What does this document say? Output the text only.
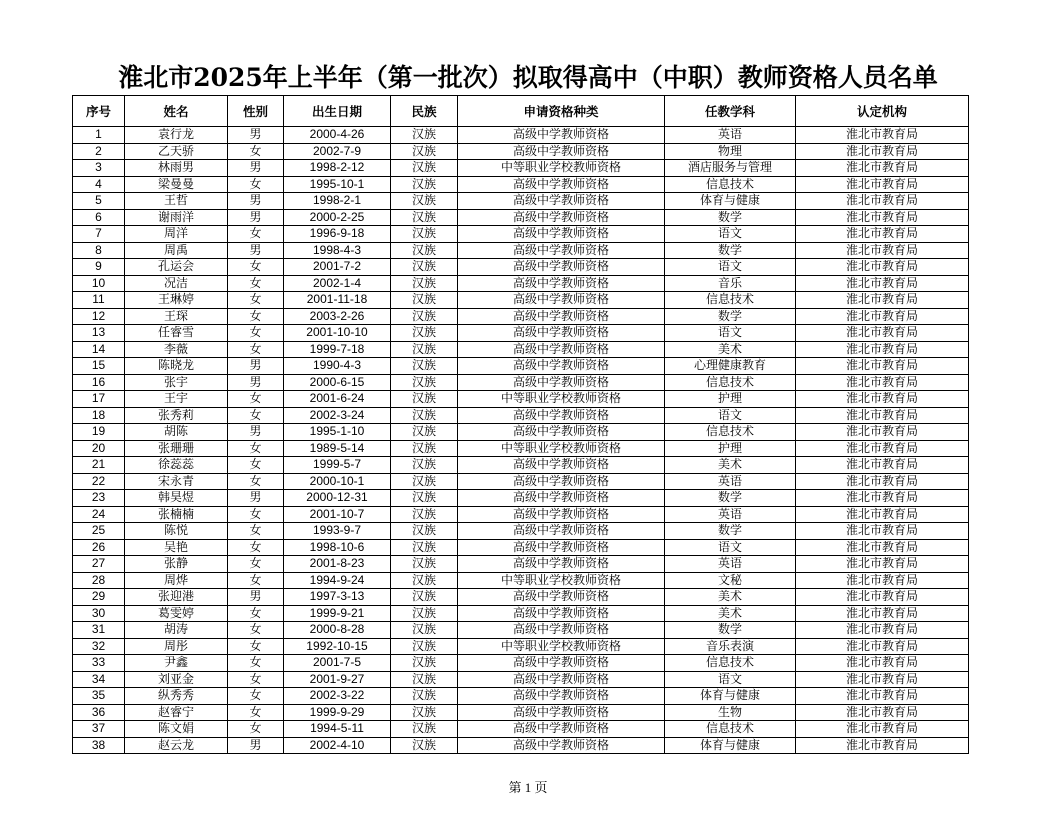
淮北市2025年上半年（第一批次）拟取得高中（中职）教师资格人员名单
序号	姓名	性别	出生日期	民族	申请资格种类	任教学科	认定机构
1	袁行龙	男	2000-4-26	汉族	高级中学教师资格	英语	淮北市教育局
2	乙天骄	女	2002-7-9	汉族	高级中学教师资格	物理	淮北市教育局
3	林雨男	男	1998-2-12	汉族	中等职业学校教师资格	酒店服务与管理	淮北市教育局
4	梁曼曼	女	1995-10-1	汉族	高级中学教师资格	信息技术	淮北市教育局
5	王哲	男	1998-2-1	汉族	高级中学教师资格	体育与健康	淮北市教育局
6	谢雨洋	男	2000-2-25	汉族	高级中学教师资格	数学	淮北市教育局
7	周洋	女	1996-9-18	汉族	高级中学教师资格	语文	淮北市教育局
8	周禹	男	1998-4-3	汉族	高级中学教师资格	数学	淮北市教育局
9	孔运会	女	2001-7-2	汉族	高级中学教师资格	语文	淮北市教育局
10	况洁	女	2002-1-4	汉族	高级中学教师资格	音乐	淮北市教育局
11	王琳婷	女	2001-11-18	汉族	高级中学教师资格	信息技术	淮北市教育局
12	王琛	女	2003-2-26	汉族	高级中学教师资格	数学	淮北市教育局
13	任睿雪	女	2001-10-10	汉族	高级中学教师资格	语文	淮北市教育局
14	李薇	女	1999-7-18	汉族	高级中学教师资格	美术	淮北市教育局
15	陈晓龙	男	1990-4-3	汉族	高级中学教师资格	心理健康教育	淮北市教育局
16	张宇	男	2000-6-15	汉族	高级中学教师资格	信息技术	淮北市教育局
17	王宇	女	2001-6-24	汉族	中等职业学校教师资格	护理	淮北市教育局
18	张秀莉	女	2002-3-24	汉族	高级中学教师资格	语文	淮北市教育局
19	胡陈	男	1995-1-10	汉族	高级中学教师资格	信息技术	淮北市教育局
20	张珊珊	女	1989-5-14	汉族	中等职业学校教师资格	护理	淮北市教育局
21	徐蕊蕊	女	1999-5-7	汉族	高级中学教师资格	美术	淮北市教育局
22	宋永青	女	2000-10-1	汉族	高级中学教师资格	英语	淮北市教育局
23	韩昊煜	男	2000-12-31	汉族	高级中学教师资格	数学	淮北市教育局
24	张楠楠	女	2001-10-7	汉族	高级中学教师资格	英语	淮北市教育局
25	陈悦	女	1993-9-7	汉族	高级中学教师资格	数学	淮北市教育局
26	吴艳	女	1998-10-6	汉族	高级中学教师资格	语文	淮北市教育局
27	张静	女	2001-8-23	汉族	高级中学教师资格	英语	淮北市教育局
28	周烨	女	1994-9-24	汉族	中等职业学校教师资格	文秘	淮北市教育局
29	张迎港	男	1997-3-13	汉族	高级中学教师资格	美术	淮北市教育局
30	葛雯婷	女	1999-9-21	汉族	高级中学教师资格	美术	淮北市教育局
31	胡涛	女	2000-8-28	汉族	高级中学教师资格	数学	淮北市教育局
32	周彤	女	1992-10-15	汉族	中等职业学校教师资格	音乐表演	淮北市教育局
33	尹鑫	女	2001-7-5	汉族	高级中学教师资格	信息技术	淮北市教育局
34	刘亚金	女	2001-9-27	汉族	高级中学教师资格	语文	淮北市教育局
35	纵秀秀	女	2002-3-22	汉族	高级中学教师资格	体育与健康	淮北市教育局
36	赵睿宁	女	1999-9-29	汉族	高级中学教师资格	生物	淮北市教育局
37	陈文娟	女	1994-5-11	汉族	高级中学教师资格	信息技术	淮北市教育局
38	赵云龙	男	2002-4-10	汉族	高级中学教师资格	体育与健康	淮北市教育局
第 1 页
